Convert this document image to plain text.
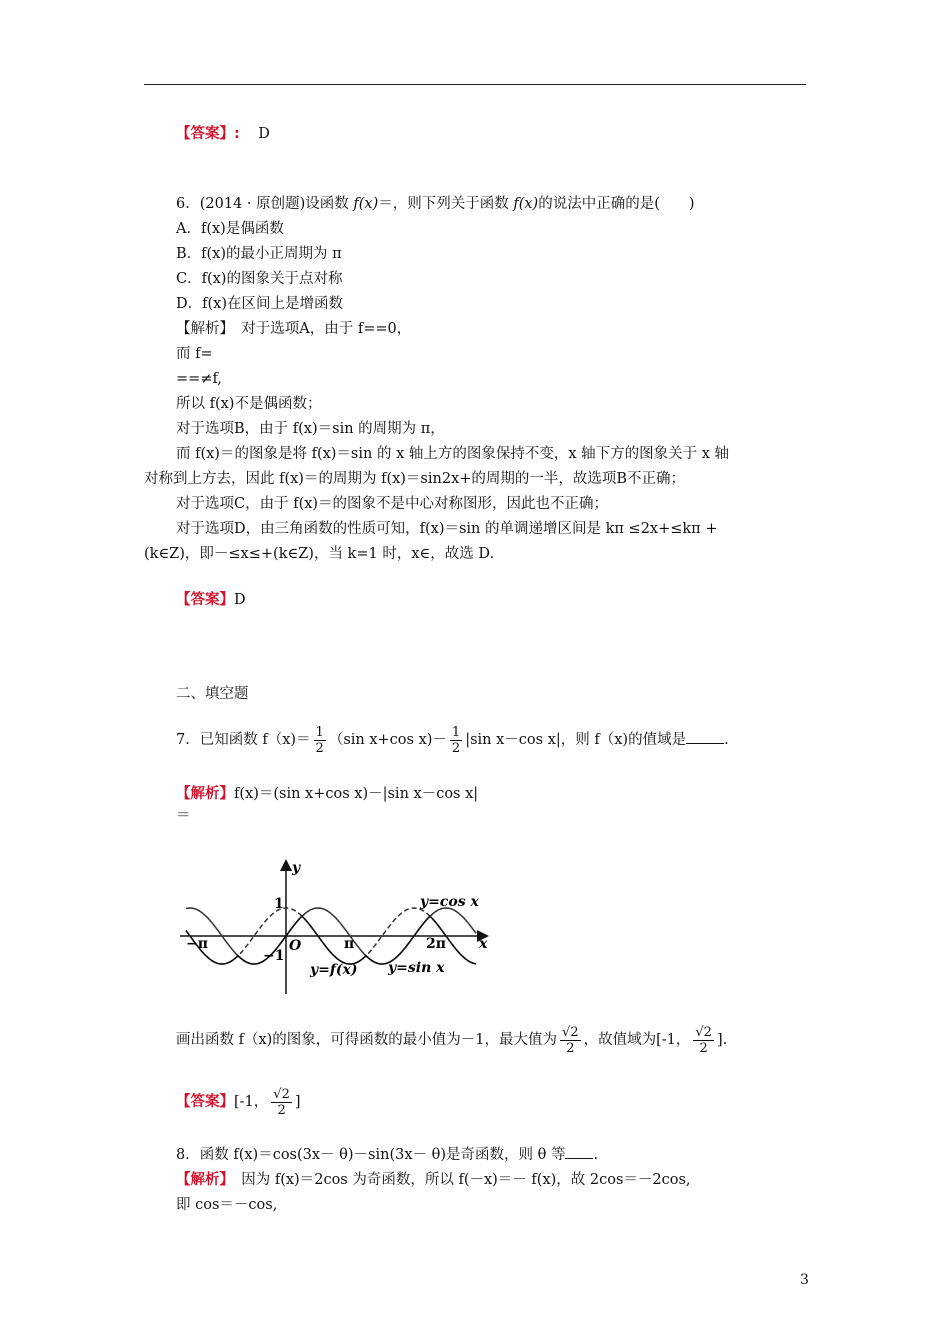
【答案】: D
6．(2014 · 原创题)设函数 f(x)＝，则下列关于函数 f(x)的说法中正确的是(　　)
A．f(x)是偶函数
B．f(x)的最小正周期为 π
C．f(x)的图象关于点对称
D．f(x)在区间上是增函数
【解析】　对于选项A，由于 f==0，
而 f=
==≠f,
所以 f(x)不是偶函数；
对于选项B，由于 f(x)＝sin 的周期为 π，
而 f(x)＝的图象是将 f(x)＝sin 的 x 轴上方的图象保持不变，x 轴下方的图象关于 x 轴
对称到上方去，因此 f(x)＝的周期为 f(x)＝sin2x+的周期的一半，故选项B不正确；
对于选项C，由于 f(x)＝的图象不是中心对称图形，因此也不正确；
对于选项D，由三角函数的性质可知，f(x)＝sin 的单调递增区间是 kπ ≤2x+≤kπ +
(k∈Z)，即－≤x≤+(k∈Z)，当 k=1 时，x∈，故选 D.
【答案】D
二、填空题
7．已知函数 $f(x)= \frac{1}{2} (\sin$ x+cos $x)- \frac{1}{2} |\sin$ x－cos x|，则 f（x)的值域是	.
【解析】f(x)＝(sin x+cos x)－|sin x－cos x|
＝
y
x
1
−1
O
−π	π	2π
y=cos x
y=sin x
y=f(x)
画出函数 f（x)的图象，可得函数的最小值为－1，最大值为 $\frac{√2}{2}$ ，故值域为[-1， $\frac{√2}{2}$ ].
【答案】[-1， $\frac{√2}{2}$ ]
8．函数 f(x)＝cos(3x－ θ)－sin(3x－ θ)是奇函数，则 θ 等 .
【解析】　因为 f(x)＝2cos 为奇函数，所以 f(－x)＝－ f(x)，故 2cos＝－2cos,
即 cos＝－cos,
3
